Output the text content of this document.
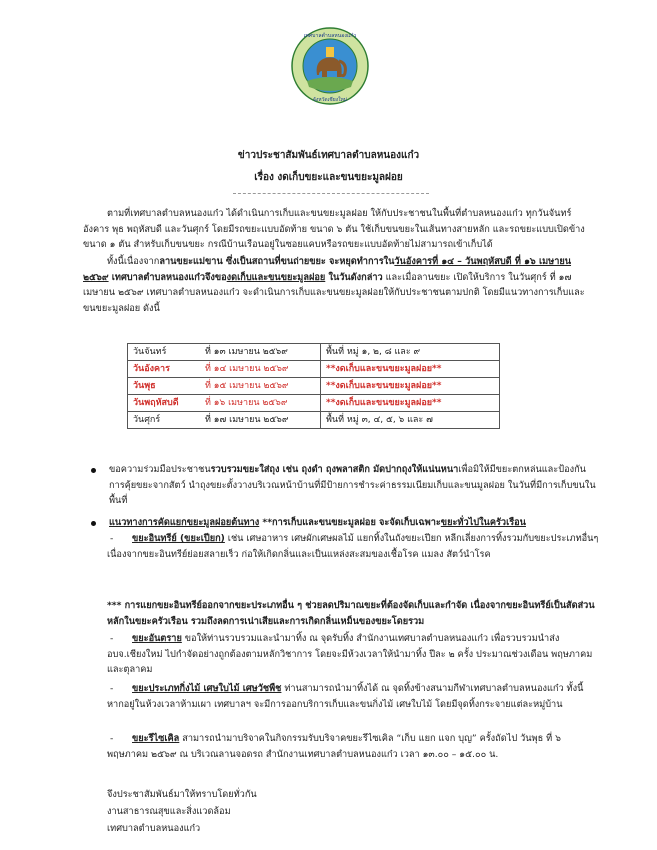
เทศบาลตำบลหนองแก๋ว
จังหวัดเชียงใหม่
ข่าวประชาสัมพันธ์เทศบาลตำบลหนองแก๋ว
เรื่อง งดเก็บขยะและขนขยะมูลฝอย
ตามที่เทศบาลตำบลหนองแก๋ว ได้ดำเนินการเก็บและขนขยะมูลฝอย ให้กับประชาชนในพื้นที่ตำบลหนองแก๋ว ทุกวันจันทร์ อังคาร พุธ พฤหัสบดี และวันศุกร์ โดยมีรถขยะแบบอัดท้าย ขนาด ๖ ตัน ใช้เก็บขนขยะในเส้นทางสายหลัก และรถขยะแบบเปิดข้าง ขนาด ๑ ตัน สำหรับเก็บขนขยะ กรณีบ้านเรือนอยู่ในซอยแคบหรือรถขยะแบบอัดท้ายไม่สามารถเข้าเก็บได้
ทั้งนี้เนื่องจากลานขยะแม่ขาน ซึ่งเป็นสถานที่ขนถ่ายขยะ จะหยุดทำการในวันอังคารที่ ๑๔ – วันพฤหัสบดี ที่ ๑๖ เมษายน ๒๕๖๙ เทศบาลตำบลหนองแก๋วจึงของดเก็บและขนขยะมูลฝอย ในวันดังกล่าว และเมื่อลานขยะ เปิดให้บริการ ในวันศุกร์ ที่ ๑๗ เมษายน ๒๕๖๙ เทศบาลตำบลหนองแก๋ว จะดำเนินการเก็บและขนขยะมูลฝอยให้กับประชาชนตามปกติ โดยมีแนวทางการเก็บและขนขยะมูลฝอย ดังนี้
วันจันทร์	ที่ ๑๓ เมษายน ๒๕๖๙	พื้นที่ หมู่ ๑, ๒, ๘ และ ๙
วันอังคาร	ที่ ๑๔ เมษายน ๒๕๖๙	**งดเก็บและขนขยะมูลฝอย**
วันพุธ	ที่ ๑๕ เมษายน ๒๕๖๙	**งดเก็บและขนขยะมูลฝอย**
วันพฤหัสบดี	ที่ ๑๖ เมษายน ๒๕๖๙	**งดเก็บและขนขยะมูลฝอย**
วันศุกร์	ที่ ๑๗ เมษายน ๒๕๖๙	พื้นที่ หมู่ ๓, ๔, ๕, ๖ และ ๗
ขอความร่วมมือประชาชนรวบรวมขยะใส่ถุง เช่น ถุงดำ ถุงพลาสติก มัดปากถุงให้แน่นหนาเพื่อมิให้มีขยะตกหล่นและป้องกันการคุ้ยขยะจากสัตว์ นำถุงขยะตั้งวางบริเวณหน้าบ้านที่มีป้ายการชำระค่าธรรมเนียมเก็บและขนมูลฝอย ในวันที่มีการเก็บขนในพื้นที่
แนวทางการคัดแยกขยะมูลฝอยต้นทาง **การเก็บและขนขยะมูลฝอย จะจัดเก็บเฉพาะขยะทั่วไปในครัวเรือน
- ขยะอินทรีย์ (ขยะเปียก) เช่น เศษอาหาร เศษผักเศษผลไม้ แยกทิ้งในถังขยะเปียก หลีกเลี่ยงการทิ้งรวมกับขยะประเภทอื่นๆ เนื่องจากขยะอินทรีย์ย่อยสลายเร็ว ก่อให้เกิดกลิ่นและเป็นแหล่งสะสมของเชื้อโรค แมลง สัตว์นำโรค
*** การแยกขยะอินทรีย์ออกจากขยะประเภทอื่น ๆ ช่วยลดปริมาณขยะที่ต้องจัดเก็บและกำจัด เนื่องจากขยะอินทรีย์เป็นสัดส่วนหลักในขยะครัวเรือน รวมถึงลดการเน่าเสียและการเกิดกลิ่นเหม็นของขยะโดยรวม
- ขยะอันตราย ขอให้ท่านรวบรวมและนำมาทิ้ง ณ จุดรับทิ้ง สำนักงานเทศบาลตำบลหนองแก๋ว เพื่อรวบรวมนำส่ง อบจ.เชียงใหม่ ไปกำจัดอย่างถูกต้องตามหลักวิชาการ โดยจะมีห้วงเวลาให้นำมาทิ้ง ปีละ ๒ ครั้ง ประมาณช่วงเดือน พฤษภาคม และตุลาคม
- ขยะประเภทกิ่งไม้ เศษใบไม้ เศษวัชพืช ท่านสามารถนำมาทิ้งได้ ณ จุดทิ้งข้างสนามกีฬาเทศบาลตำบลหนองแก๋ว ทั้งนี้หากอยู่ในห้วงเวลาห้ามเผา เทศบาลฯ จะมีการออกบริการเก็บและขนกิ่งไม้ เศษใบไม้ โดยมีจุดทิ้งกระจายแต่ละหมู่บ้าน
- ขยะรีไซเคิล สามารถนำมาบริจาคในกิจกรรมรับบริจาคขยะรีไซเคิล “เก็บ แยก แจก บุญ” ครั้งถัดไป วันพุธ ที่ ๖ พฤษภาคม ๒๕๖๙ ณ บริเวณลานจอดรถ สำนักงานเทศบาลตำบลหนองแก๋ว เวลา ๑๓.๐๐ – ๑๕.๐๐ น.
จึงประชาสัมพันธ์มาให้ทราบโดยทั่วกัน
งานสาธารณสุขและสิ่งแวดล้อม
เทศบาลตำบลหนองแก๋ว
